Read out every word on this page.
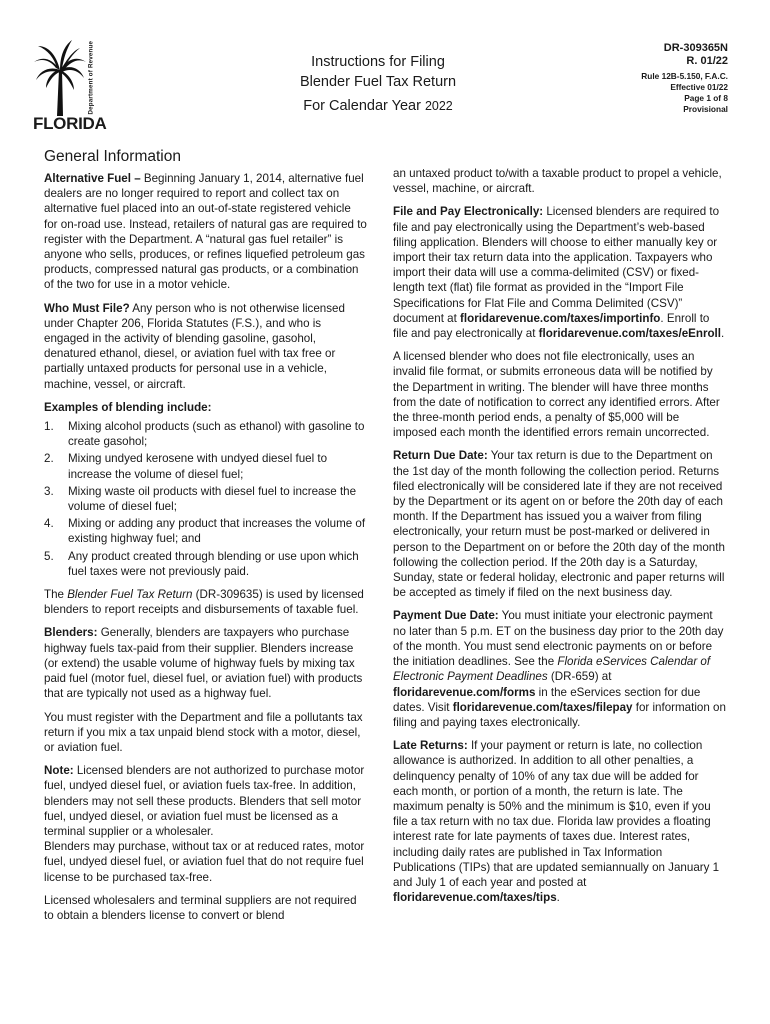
Department of Revenue
FLORIDA
Instructions for Filing
Blender Fuel Tax Return
For Calendar Year 2022
DR-309365N
R. 01/22
Rule 12B-5.150, F.A.C.
Effective 01/22
Page 1 of 8
Provisional
General Information

Alternative Fuel – Beginning January 1, 2014, alternative fuel dealers are no longer required to report and collect tax on alternative fuel placed into an out-of-state registered vehicle for on-road use. Instead, retailers of natural gas are required to register with the Department. A “natural gas fuel retailer” is anyone who sells, produces, or refines liquefied petroleum gas products, compressed natural gas products, or a combination of the two for use in a motor vehicle.

Who Must File? Any person who is not otherwise licensed under Chapter 206, Florida Statutes (F.S.), and who is engaged in the activity of blending gasoline, gasohol, denatured ethanol, diesel, or aviation fuel with tax free or partially untaxed products for personal use in a vehicle, machine, vessel, or aircraft.

Examples of blending include:

1. Mixing alcohol products (such as ethanol) with gasoline to create gasohol;
2. Mixing undyed kerosene with undyed diesel fuel to increase the volume of diesel fuel;
3. Mixing waste oil products with diesel fuel to increase the volume of diesel fuel;
4. Mixing or adding any product that increases the volume of existing highway fuel; and
5. Any product created through blending or use upon which fuel taxes were not previously paid.

The Blender Fuel Tax Return (DR-309635) is used by licensed blenders to report receipts and disbursements of taxable fuel.

Blenders: Generally, blenders are taxpayers who purchase highway fuels tax-paid from their supplier. Blenders increase (or extend) the usable volume of highway fuels by mixing tax paid fuel (motor fuel, diesel fuel, or aviation fuel) with products that are typically not used as a highway fuel.

You must register with the Department and file a pollutants tax return if you mix a tax unpaid blend stock with a motor, diesel, or aviation fuel.

Note: Licensed blenders are not authorized to purchase motor fuel, undyed diesel fuel, or aviation fuels tax-free. In addition, blenders may not sell these products. Blenders that sell motor fuel, undyed diesel, or aviation fuel must be licensed as a terminal supplier or a wholesaler.

Blenders may purchase, without tax or at reduced rates, motor fuel, undyed diesel fuel, or aviation fuel that do not require fuel license to be purchased tax-free.

Licensed wholesalers and terminal suppliers are not required to obtain a blenders license to convert or blend

an untaxed product to/with a taxable product to propel a vehicle, vessel, machine, or aircraft.

File and Pay Electronically: Licensed blenders are required to file and pay electronically using the Department’s web-based filing application. Blenders will choose to either manually key or import their tax return data into the application. Taxpayers who import their data will use a comma-delimited (CSV) or fixed-length text (flat) file format as provided in the “Import File Specifications for Flat File and Comma Delimited (CSV)” document at floridarevenue.com/taxes/importinfo. Enroll to file and pay electronically at floridarevenue.com/taxes/eEnroll.

A licensed blender who does not file electronically, uses an invalid file format, or submits erroneous data will be notified by the Department in writing. The blender will have three months from the date of notification to correct any identified errors. After the three-month period ends, a penalty of $5,000 will be imposed each month the identified errors remain uncorrected.

Return Due Date: Your tax return is due to the Department on the 1st day of the month following the collection period. Returns filed electronically will be considered late if they are not received by the Department or its agent on or before the 20th day of each month. If the Department has issued you a waiver from filing electronically, your return must be post-marked or delivered in person to the Department on or before the 20th day of the month following the collection period. If the 20th day is a Saturday, Sunday, state or federal holiday, electronic and paper returns will be accepted as timely if filed on the next business day.

Payment Due Date: You must initiate your electronic payment no later than 5 p.m. ET on the business day prior to the 20th day of the month. You must send electronic payments on or before the initiation deadlines. See the Florida eServices Calendar of Electronic Payment Deadlines (DR-659) at floridarevenue.com/forms in the eServices section for due dates. Visit floridarevenue.com/taxes/filepay for information on filing and paying taxes electronically.

Late Returns: If your payment or return is late, no collection allowance is authorized. In addition to all other penalties, a delinquency penalty of 10% of any tax due will be added for each month, or portion of a month, the return is late. The maximum penalty is 50% and the minimum is $10, even if you file a tax return with no tax due. Florida law provides a floating interest rate for late payments of taxes due. Interest rates, including daily rates are published in Tax Information Publications (TIPs) that are updated semiannually on January 1 and July 1 of each year and posted at floridarevenue.com/taxes/tips.
